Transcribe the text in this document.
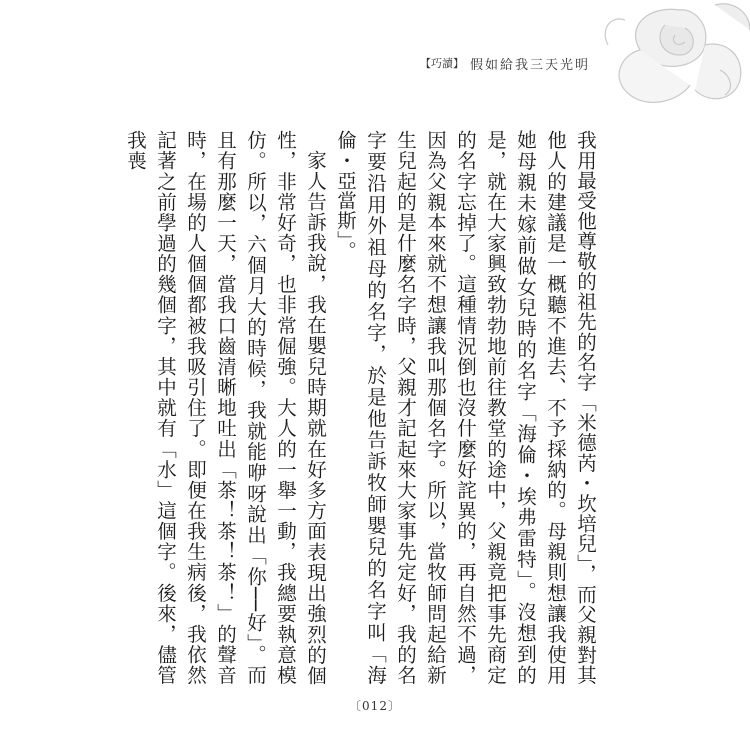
【巧讀】 假如給我三天光明

我用最受他尊敬的祖先的名字「米德芮・坎培兒」，而父親對其他人的建議是一概聽不進去、不予採納的。母親則想讓我使用她母親未嫁前做女兒時的名字「海倫・埃弗雷特」。沒想到的是，就在大家興致勃勃地前往教堂的途中，父親竟把事先商定的名字忘掉了。這種情況倒也沒什麼好詫異的，再自然不過，因為父親本來就不想讓我叫那個名字。所以，當牧師問起給新生兒起的是什麼名字時，父親才記起來大家事先定好，我的名字要沿用外祖母的名字，於是他告訴牧師嬰兒的名字叫「海倫・亞當斯」。

家人告訴我說，我在嬰兒時期就在好多方面表現出強烈的個性，非常好奇，也非常倔強。大人的一舉一動，我總要執意模仿。所以，六個月大的時候，我就能咿呀說出「你──好」。而且有那麼一天，當我口齒清晰地吐出「茶！茶！茶！」的聲音時，在場的人個個都被我吸引住了。即便在我生病後，我依然記著之前學過的幾個字，其中就有「水」這個字。後來，儘管我喪

〔012〕
